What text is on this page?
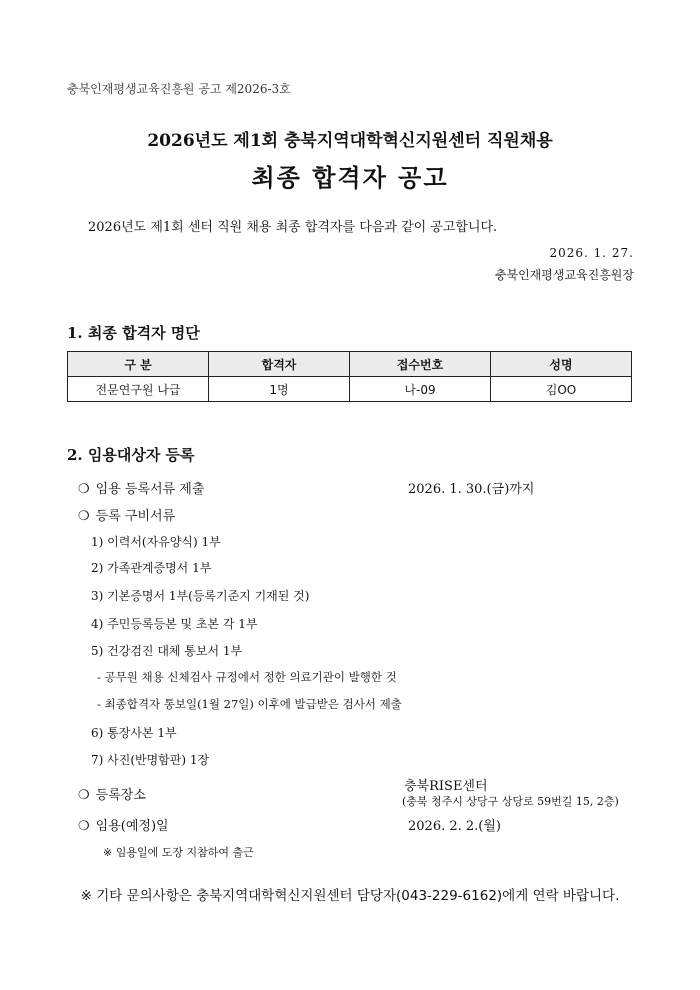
충북인재평생교육진흥원 공고 제2026-3호
2026년도 제1회 충북지역대학혁신지원센터 직원채용
최종 합격자 공고
2026년도 제1회 센터 직원 채용 최종 합격자를 다음과 같이 공고합니다.
2026. 1. 27.
충북인재평생교육진흥원장
1. 최종 합격자 명단
구 분	합격자	접수번호	성명
전문연구원 나급	1명	나-09	김OO
2. 임용대상자 등록
❍ 임용 등록서류 제출	2026. 1. 30.(금)까지
❍ 등록 구비서류
1) 이력서(자유양식) 1부
2) 가족관계증명서 1부
3) 기본증명서 1부(등록기준지 기재된 것)
4) 주민등록등본 및 초본 각 1부
5) 건강검진 대체 통보서 1부
- 공무원 채용 신체검사 규정에서 정한 의료기관이 발행한 것
- 최종합격자 통보일(1월 27일) 이후에 발급받은 검사서 제출
6) 통장사본 1부
7) 사진(반명함판) 1장
❍ 등록장소
충북RISE센터
(충북 청주시 상당구 상당로 59번길 15, 2층)
❍ 임용(예정)일	2026. 2. 2.(월)
※ 임용일에 도장 지참하여 출근
※ 기타 문의사항은 충북지역대학혁신지원센터 담당자(043-229-6162)에게 연락 바랍니다.
